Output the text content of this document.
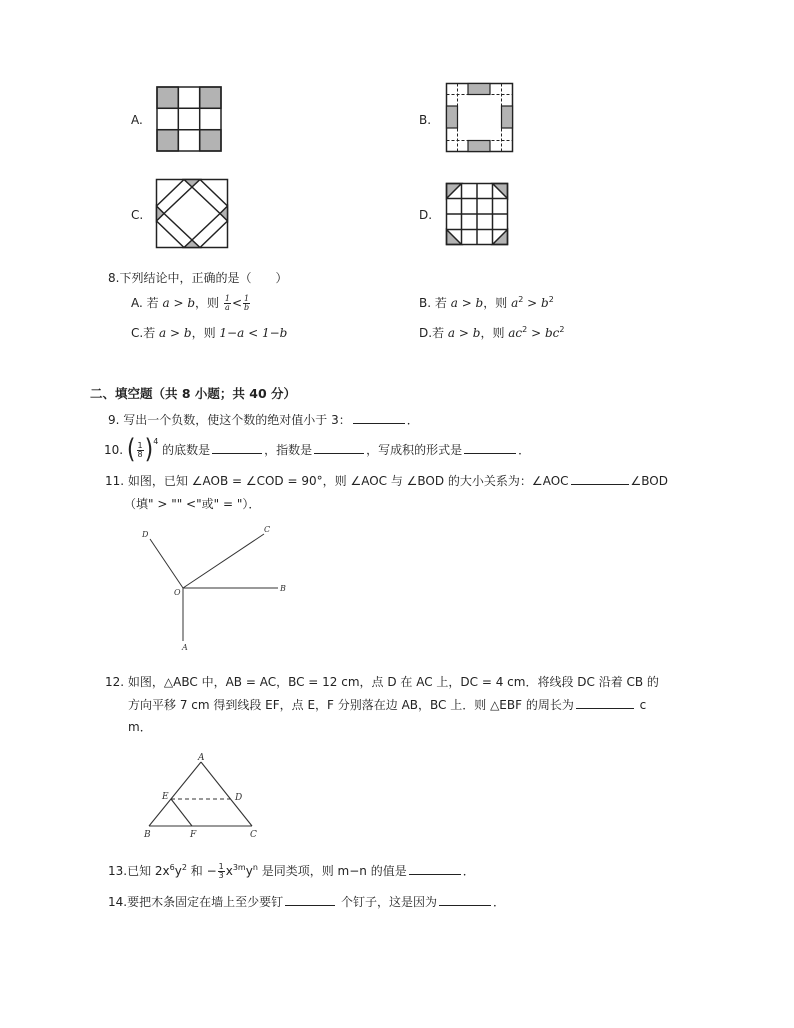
A.	B.
C.	D.
8.下列结论中，正确的是（　　）
A. 若 a > b，则 $\frac{1}{a} < \frac{1}{b}$	B. 若 a > b，则 $a^2 > b^2$
C.若 a > b，则 1−a < 1−b	D.若 a > b，则 $ac^2 > bc^2$
二、填空题（共 8 小题；共 40 分）
9. 写出一个负数，使这个数的绝对值小于 3：	．
10. ( $\frac{1}{8} )^4$ 的底数是	，指数是	，写成积的形式是	．
11. 如图，已知 ∠AOB = ∠COD = 90°，则 ∠AOC 与 ∠BOD 的大小关系为：∠AOC	∠BOD
（填" > "" <"或" = "）．
D
C
O	B
A
12. 如图，△ABC 中，AB = AC，BC = 12 cm，点 D 在 AC 上，DC = 4 cm．将线段 DC 沿着 CB 的
方向平移 7 cm 得到线段 EF，点 E，F 分别落在边 AB，BC 上．则 △EBF 的周长为	c
m．
A
E	D
B	F	C
13.已知 $2x^6y^2$ 和 − $\frac{1}{3} x^{3m}y^n$ 是同类项，则 m−n 的值是	．
14.要把木条固定在墙上至少要钉	个钉子，这是因为	．
